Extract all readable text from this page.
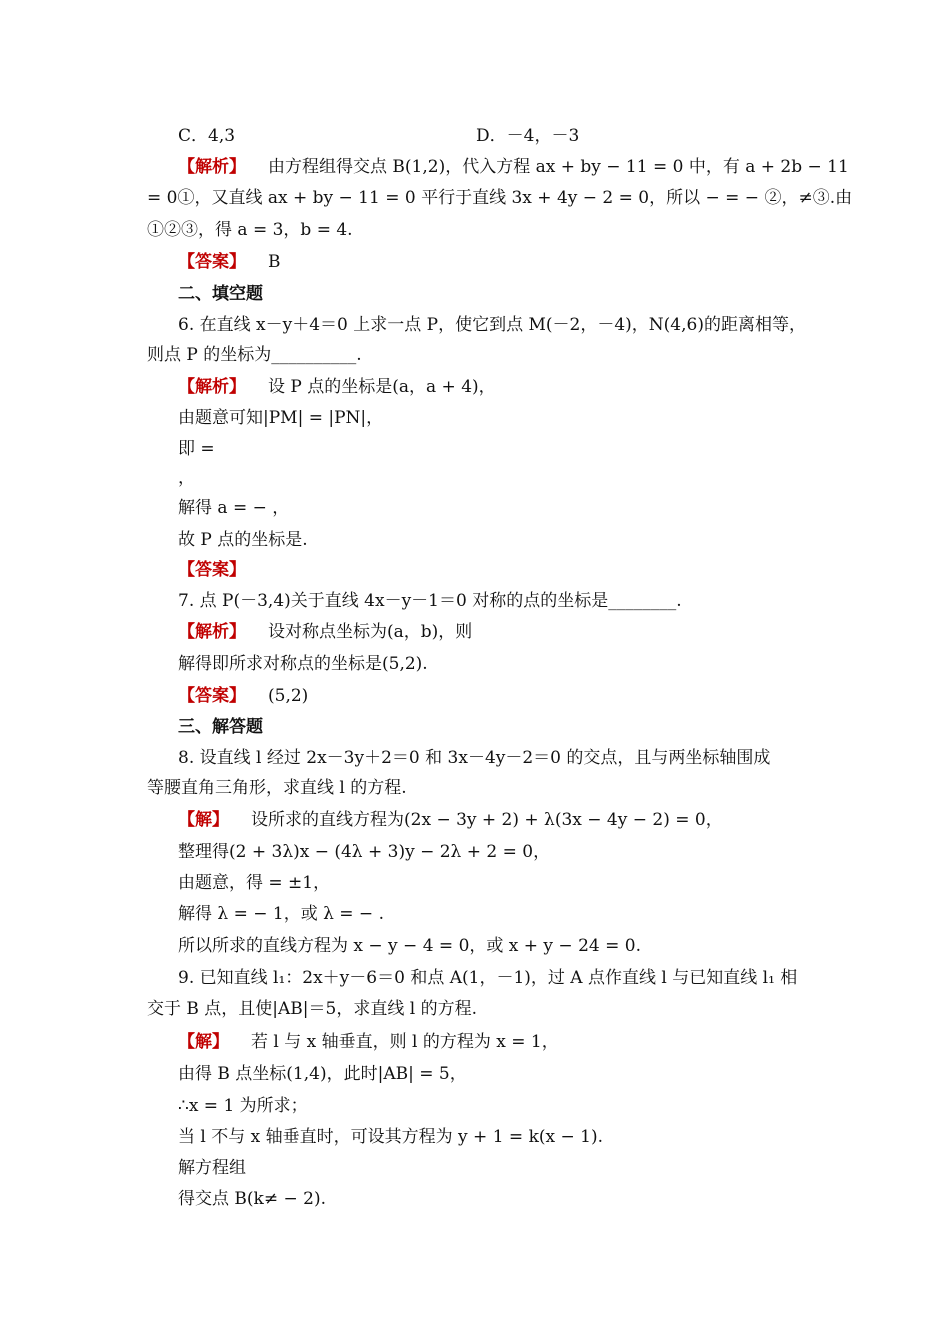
C．4,3	D．－4，－3
【解析】 由方程组得交点 B(1,2)，代入方程 ax + by − 11 = 0 中，有 a + 2b − 11
= 0①，又直线 ax + by − 11 = 0 平行于直线 3x + 4y − 2 = 0，所以 − = − ②，≠③.由
①②③，得 a = 3，b = 4.
【答案】 B
二、填空题
6. 在直线 x－y＋4＝0 上求一点 P，使它到点 M(－2，－4)，N(4,6)的距离相等，
则点 P 的坐标为__________.
【解析】 设 P 点的坐标是(a，a + 4)，
由题意可知|PM| = |PN|，
即 =
，
解得 a = − ，
故 P 点的坐标是.
【答案】
7. 点 P(－3,4)关于直线 4x－y－1＝0 对称的点的坐标是________.
【解析】 设对称点坐标为(a，b)，则
解得即所求对称点的坐标是(5,2).
【答案】 (5,2)
三、解答题
8. 设直线 l 经过 2x－3y＋2＝0 和 3x－4y－2＝0 的交点，且与两坐标轴围成
等腰直角三角形，求直线 l 的方程.
【解】 设所求的直线方程为(2x − 3y + 2) + λ(3x − 4y − 2) = 0，
整理得(2 + 3λ)x − (4λ + 3)y − 2λ + 2 = 0，
由题意，得 = ±1，
解得 λ = − 1，或 λ = − .
所以所求的直线方程为 x − y − 4 = 0，或 x + y − 24 = 0.
9. 已知直线 l₁：2x＋y－6＝0 和点 A(1，－1)，过 A 点作直线 l 与已知直线 l₁ 相
交于 B 点，且使|AB|＝5，求直线 l 的方程.
【解】 若 l 与 x 轴垂直，则 l 的方程为 x = 1，
由得 B 点坐标(1,4)，此时|AB| = 5，
∴x = 1 为所求；
当 l 不与 x 轴垂直时，可设其方程为 y + 1 = k(x − 1).
解方程组
得交点 B(k≠ − 2).
